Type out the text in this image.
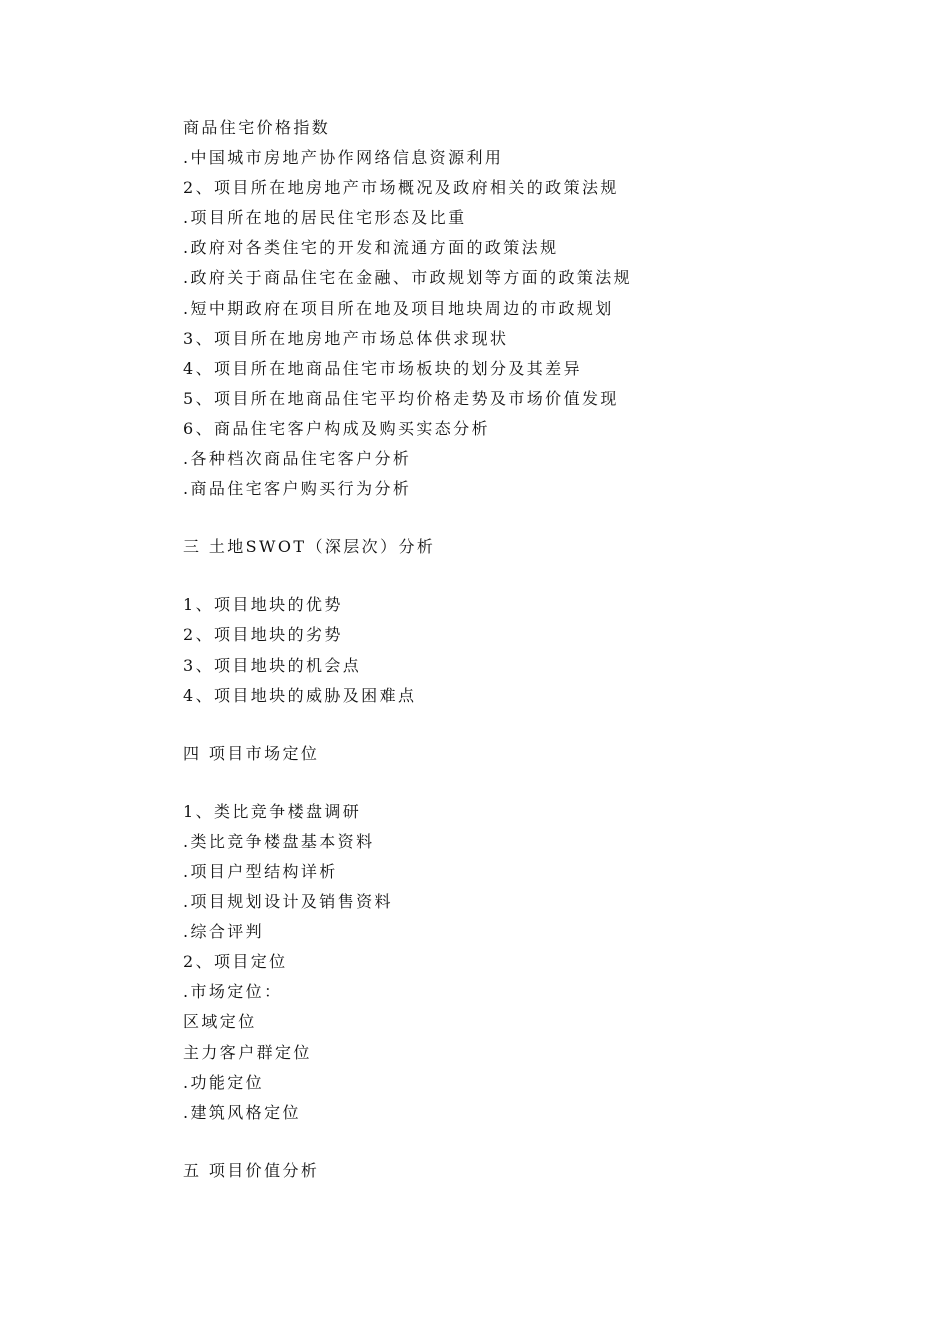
商品住宅价格指数
.中国城市房地产协作网络信息资源利用
2、项目所在地房地产市场概况及政府相关的政策法规
.项目所在地的居民住宅形态及比重
.政府对各类住宅的开发和流通方面的政策法规
.政府关于商品住宅在金融、市政规划等方面的政策法规
.短中期政府在项目所在地及项目地块周边的市政规划
3、项目所在地房地产市场总体供求现状
4、项目所在地商品住宅市场板块的划分及其差异
5、项目所在地商品住宅平均价格走势及市场价值发现
6、商品住宅客户构成及购买实态分析
.各种档次商品住宅客户分析
.商品住宅客户购买行为分析
三 土地SWOT（深层次）分析
1、项目地块的优势
2、项目地块的劣势
3、项目地块的机会点
4、项目地块的威胁及困难点
四 项目市场定位
1、类比竞争楼盘调研
.类比竞争楼盘基本资料
.项目户型结构详析
.项目规划设计及销售资料
.综合评判
2、项目定位
.市场定位：
区域定位
主力客户群定位
.功能定位
.建筑风格定位
五 项目价值分析
